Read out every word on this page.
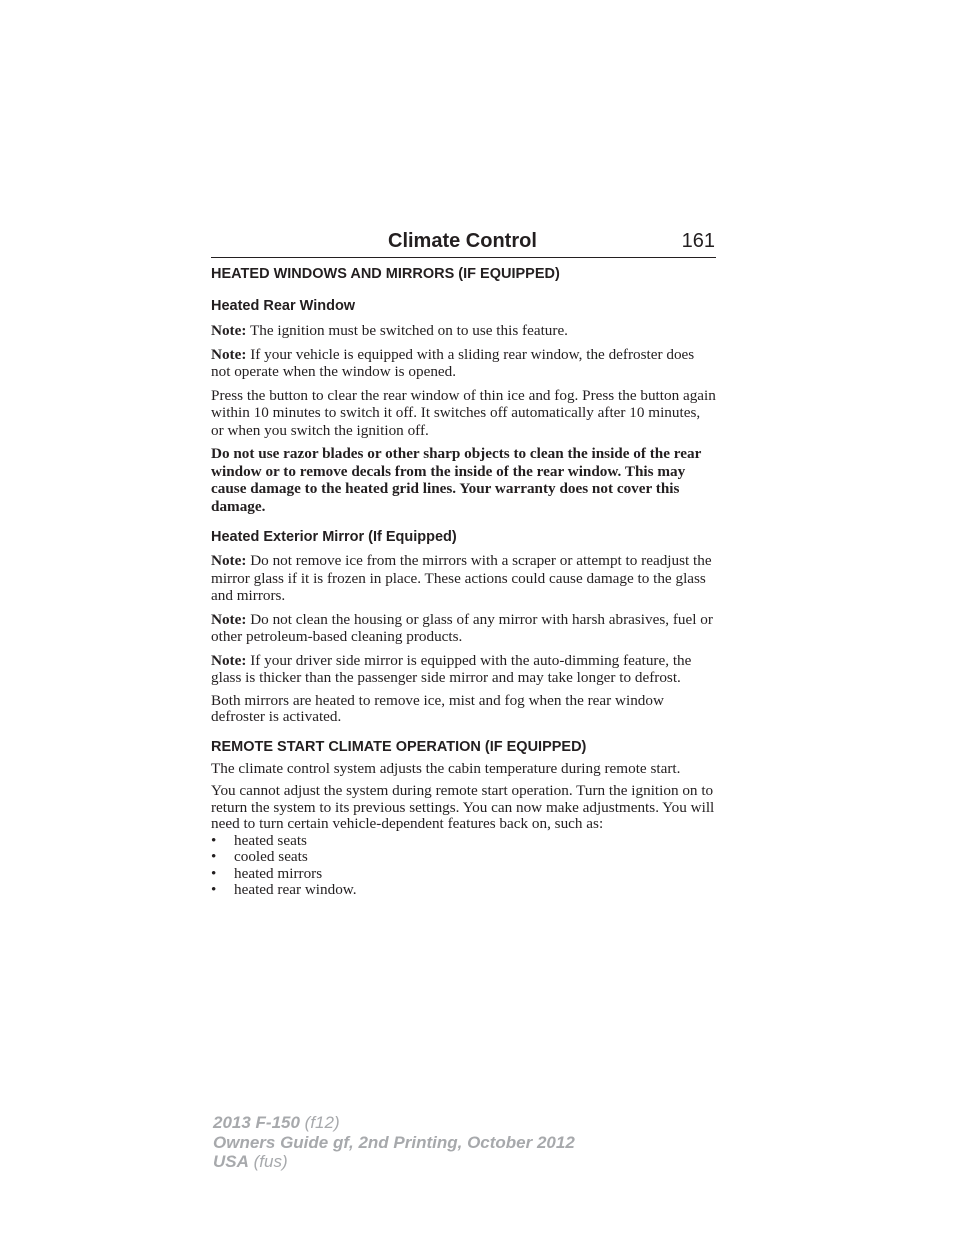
Climate Control	161
HEATED WINDOWS AND MIRRORS (IF EQUIPPED)
Heated Rear Window

Note: The ignition must be switched on to use this feature.

Note: If your vehicle is equipped with a sliding rear window, the defroster does not operate when the window is opened.

Press the button to clear the rear window of thin ice and fog. Press the button again within 10 minutes to switch it off. It switches off automatically after 10 minutes, or when you switch the ignition off.

Do not use razor blades or other sharp objects to clean the inside of the rear window or to remove decals from the inside of the rear window. This may cause damage to the heated grid lines. Your warranty does not cover this damage.

Heated Exterior Mirror (If Equipped)

Note: Do not remove ice from the mirrors with a scraper or attempt to readjust the mirror glass if it is frozen in place. These actions could cause damage to the glass and mirrors.

Note: Do not clean the housing or glass of any mirror with harsh abrasives, fuel or other petroleum-based cleaning products.

Note: If your driver side mirror is equipped with the auto-dimming feature, the glass is thicker than the passenger side mirror and may take longer to defrost.

Both mirrors are heated to remove ice, mist and fog when the rear window defroster is activated.

REMOTE START CLIMATE OPERATION (IF EQUIPPED)

The climate control system adjusts the cabin temperature during remote start.

You cannot adjust the system during remote start operation. Turn the ignition on to return the system to its previous settings. You can now make adjustments. You will need to turn certain vehicle-dependent features back on, such as:

• heated seats
• cooled seats
• heated mirrors
• heated rear window.
2013 F-150 (f12)
Owners Guide gf, 2nd Printing, October 2012
USA (fus)
